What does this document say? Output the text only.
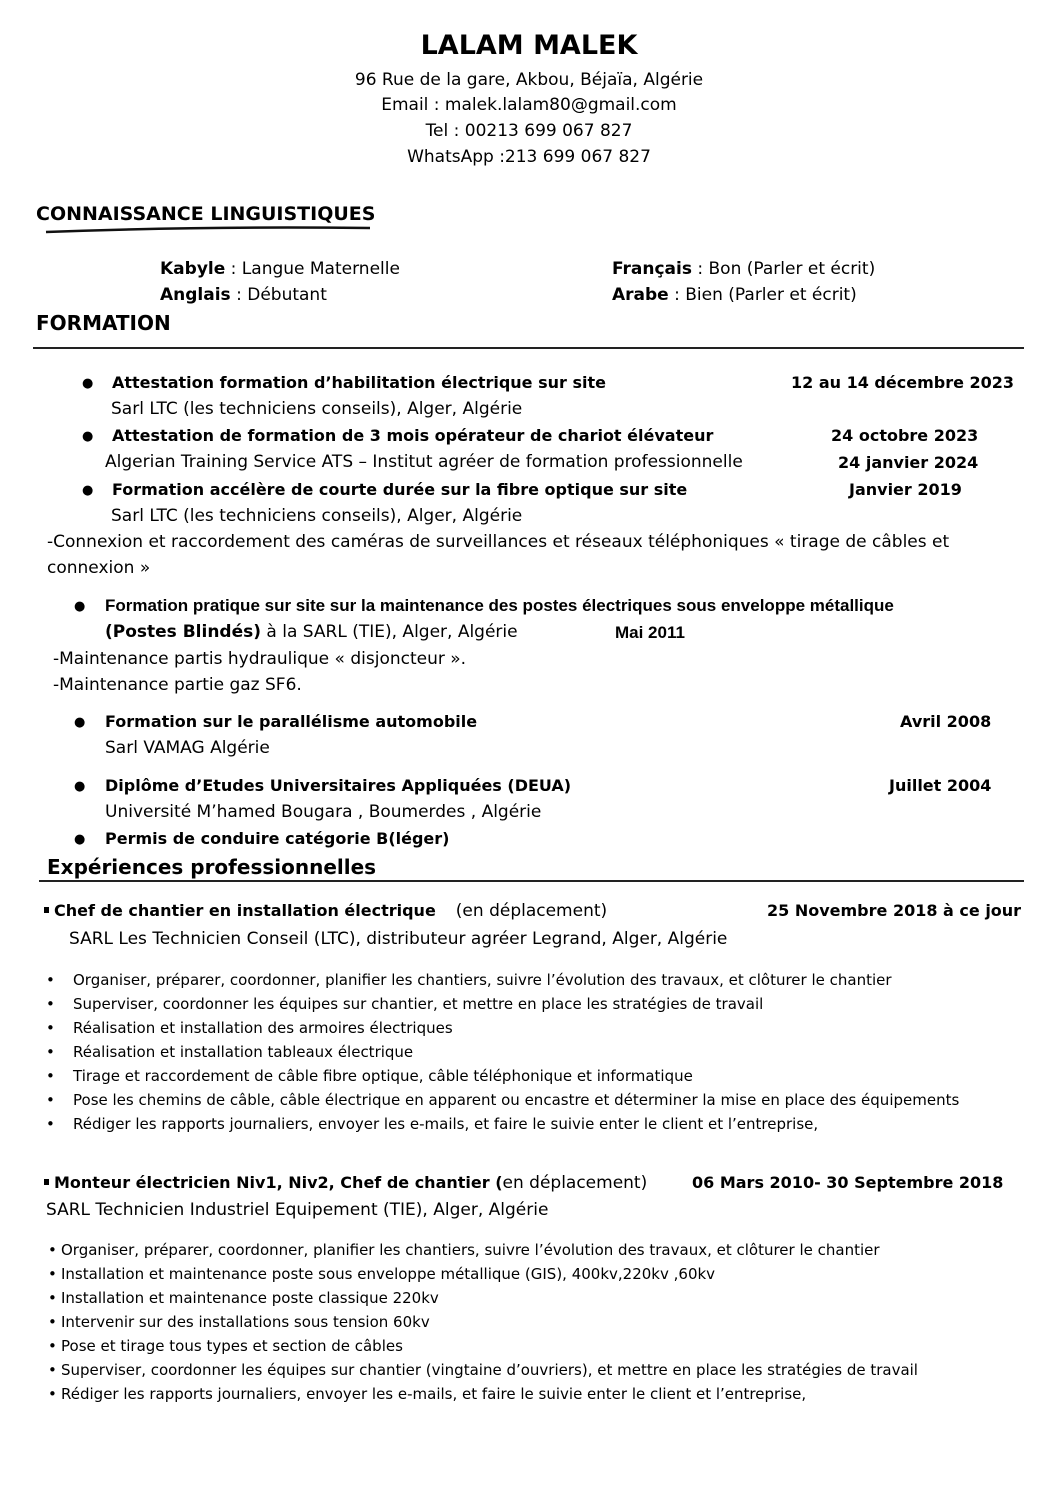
LALAM MALEK
96 Rue de la gare, Akbou, Béjaïa, Algérie
Email : malek.lalam80@gmail.com
Tel : 00213 699 067 827
WhatsApp :213 699 067 827
CONNAISSANCE LINGUISTIQUES
Kabyle : Langue Maternelle	Français : Bon (Parler et écrit)
Anglais : Débutant	Arabe : Bien (Parler et écrit)
FORMATION
● Attestation formation d’habilitation électrique sur site	12 au 14 décembre 2023
Sarl LTC (les techniciens conseils), Alger, Algérie
● Attestation de formation de 3 mois opérateur de chariot élévateur	24 octobre 2023
Algerian Training Service ATS – Institut agréer de formation professionnelle	24 janvier 2024
● Formation accélère de courte durée sur la fibre optique sur site	Janvier 2019
Sarl LTC (les techniciens conseils), Alger, Algérie
-Connexion et raccordement des caméras de surveillances et réseaux téléphoniques « tirage de câbles et
connexion »
● Formation pratique sur site sur la maintenance des postes électriques sous enveloppe métallique
(Postes Blindés) à la SARL (TIE), Alger, Algérie	Mai 2011
-Maintenance partis hydraulique « disjoncteur ».
-Maintenance partie gaz SF6.
● Formation sur le parallélisme automobile	Avril 2008
Sarl VAMAG Algérie
● Diplôme d’Etudes Universitaires Appliquées (DEUA)	Juillet 2004
Université M’hamed Bougara , Boumerdes , Algérie
● Permis de conduire catégorie B(léger)
Expériences professionnelles
Chef de chantier en installation électrique (en déplacement)	25 Novembre 2018 à ce jour
SARL Les Technicien Conseil (LTC), distributeur agréer Legrand, Alger, Algérie
• Organiser, préparer, coordonner, planifier les chantiers, suivre l’évolution des travaux, et clôturer le chantier
• Superviser, coordonner les équipes sur chantier, et mettre en place les stratégies de travail
• Réalisation et installation des armoires électriques
• Réalisation et installation tableaux électrique
• Tirage et raccordement de câble fibre optique, câble téléphonique et informatique
• Pose les chemins de câble, câble électrique en apparent ou encastre et déterminer la mise en place des équipements
• Rédiger les rapports journaliers, envoyer les e-mails, et faire le suivie enter le client et l’entreprise,
Monteur électricien Niv1, Niv2, Chef de chantier (en déplacement)	06 Mars 2010- 30 Septembre 2018
SARL Technicien Industriel Equipement (TIE), Alger, Algérie
• Organiser, préparer, coordonner, planifier les chantiers, suivre l’évolution des travaux, et clôturer le chantier
• Installation et maintenance poste sous enveloppe métallique (GIS), 400kv,220kv ,60kv
• Installation et maintenance poste classique 220kv
• Intervenir sur des installations sous tension 60kv
• Pose et tirage tous types et section de câbles
• Superviser, coordonner les équipes sur chantier (vingtaine d’ouvriers), et mettre en place les stratégies de travail
• Rédiger les rapports journaliers, envoyer les e-mails, et faire le suivie enter le client et l’entreprise,
